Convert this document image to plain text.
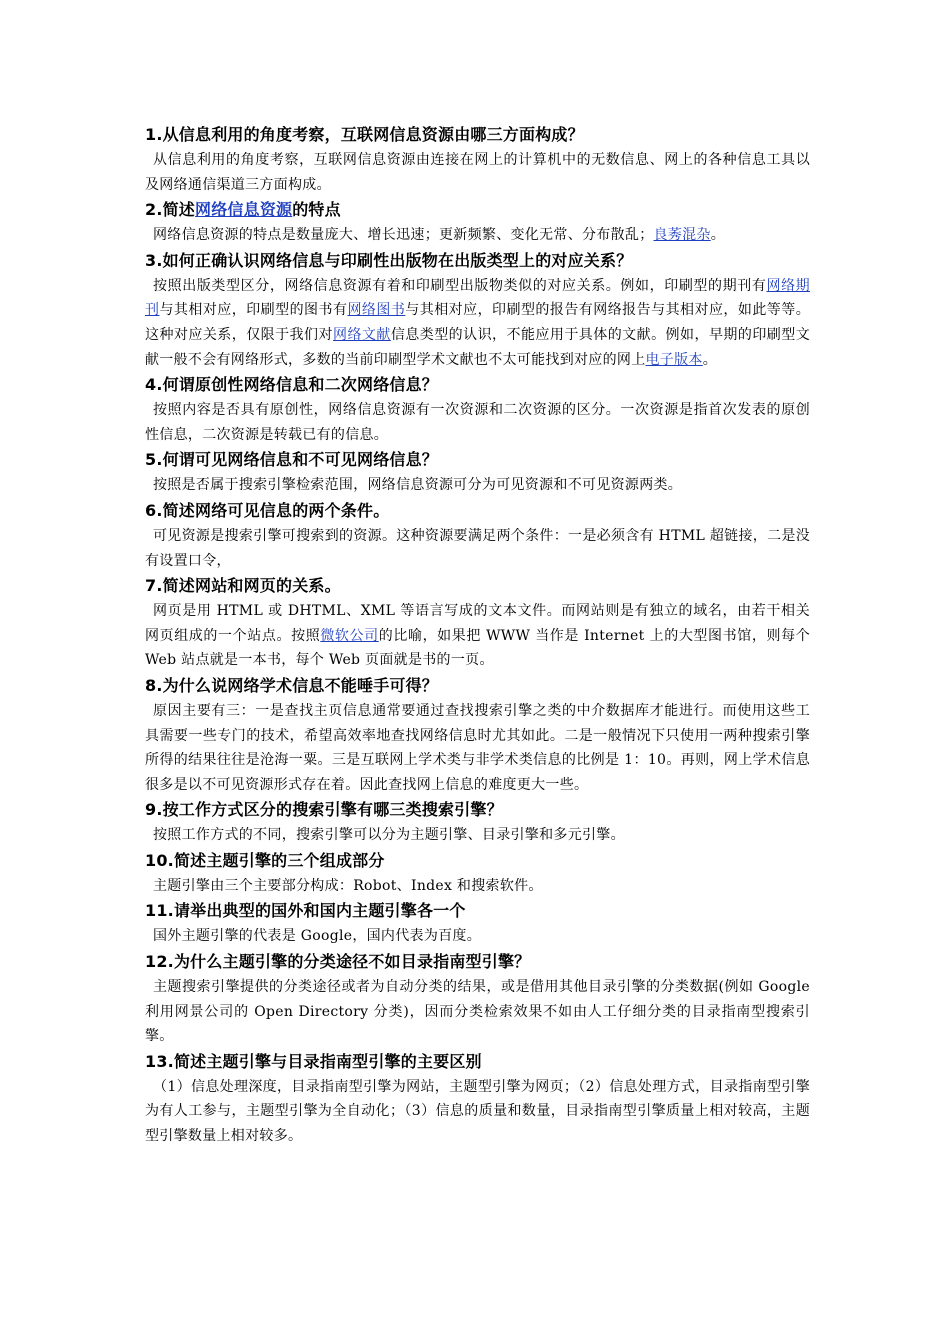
1.从信息利用的角度考察，互联网信息资源由哪三方面构成？

从信息利用的角度考察，互联网信息资源由连接在网上的计算机中的无数信息、网上的各种信息工具以及网络通信渠道三方面构成。

2.简述网络信息资源的特点

网络信息资源的特点是数量庞大、增长迅速；更新频繁、变化无常、分布散乱；良莠混杂。

3.如何正确认识网络信息与印刷性出版物在出版类型上的对应关系？

按照出版类型区分，网络信息资源有着和印刷型出版物类似的对应关系。例如，印刷型的期刊有网络期刊与其相对应，印刷型的图书有网络图书与其相对应，印刷型的报告有网络报告与其相对应，如此等等。这种对应关系，仅限于我们对网络文献信息类型的认识，不能应用于具体的文献。例如，早期的印刷型文献一般不会有网络形式，多数的当前印刷型学术文献也不太可能找到对应的网上电子版本。

4.何谓原创性网络信息和二次网络信息？

按照内容是否具有原创性，网络信息资源有一次资源和二次资源的区分。一次资源是指首次发表的原创性信息，二次资源是转载已有的信息。

5.何谓可见网络信息和不可见网络信息？

按照是否属于搜索引擎检索范围，网络信息资源可分为可见资源和不可见资源两类。

6.简述网络可见信息的两个条件。

可见资源是搜索引擎可搜索到的资源。这种资源要满足两个条件：一是必须含有 HTML 超链接，二是没有设置口令，

7.简述网站和网页的关系。

网页是用 HTML 或 DHTML、XML 等语言写成的文本文件。而网站则是有独立的域名，由若干相关网页组成的一个站点。按照微软公司的比喻，如果把 WWW 当作是 Internet 上的大型图书馆，则每个 Web 站点就是一本书，每个 Web 页面就是书的一页。

8.为什么说网络学术信息不能唾手可得？

原因主要有三：一是查找主页信息通常要通过查找搜索引擎之类的中介数据库才能进行。而使用这些工具需要一些专门的技术，希望高效率地查找网络信息时尤其如此。二是一般情况下只使用一两种搜索引擎所得的结果往往是沧海一粟。三是互联网上学术类与非学术类信息的比例是 1：10。再则，网上学术信息很多是以不可见资源形式存在着。因此查找网上信息的难度更大一些。

9.按工作方式区分的搜索引擎有哪三类搜索引擎？

按照工作方式的不同，搜索引擎可以分为主题引擎、目录引擎和多元引擎。

10.简述主题引擎的三个组成部分

主题引擎由三个主要部分构成：Robot、Index 和搜索软件。

11.请举出典型的国外和国内主题引擎各一个

国外主题引擎的代表是 Google，国内代表为百度。

12.为什么主题引擎的分类途径不如目录指南型引擎？

主题搜索引擎提供的分类途径或者为自动分类的结果，或是借用其他目录引擎的分类数据(例如 Google 利用网景公司的 Open Directory 分类)，因而分类检索效果不如由人工仔细分类的目录指南型搜索引擎。

13.简述主题引擎与目录指南型引擎的主要区别

（1）信息处理深度，目录指南型引擎为网站，主题型引擎为网页；（2）信息处理方式，目录指南型引擎为有人工参与，主题型引擎为全自动化；（3）信息的质量和数量，目录指南型引擎质量上相对较高，主题型引擎数量上相对较多。
